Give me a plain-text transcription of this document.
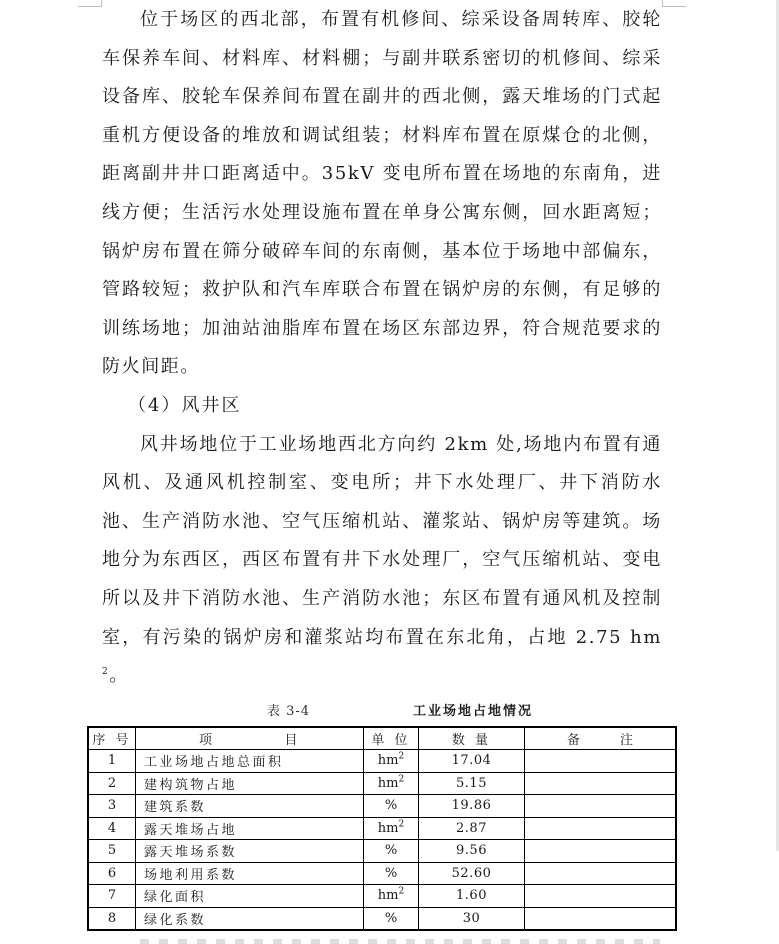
位于场区的西北部，布置有机修间、综采设备周转库、胶轮车保养车间、材料库、材料棚；与副井联系密切的机修间、综采设备库、胶轮车保养间布置在副井的西北侧，露天堆场的门式起重机方便设备的堆放和调试组装；材料库布置在原煤仓的北侧，距离副井井口距离适中。35kV 变电所布置在场地的东南角，进线方便；生活污水处理设施布置在单身公寓东侧，回水距离短；锅炉房布置在筛分破碎车间的东南侧，基本位于场地中部偏东，管路较短；救护队和汽车库联合布置在锅炉房的东侧，有足够的训练场地；加油站油脂库布置在场区东部边界，符合规范要求的防火间距。

（4）风井区

风井场地位于工业场地西北方向约 2km 处,场地内布置有通风机、及通风机控制室、变电所；井下水处理厂、井下消防水池、生产消防水池、空气压缩机站、灌浆站、锅炉房等建筑。场地分为东西区，西区布置有井下水处理厂，空气压缩机站、变电所以及井下消防水池、生产消防水池；东区布置有通风机及控制室，有污染的锅炉房和灌浆站均布置在东北角，占地 2.75 $hm^2$。

表 3-4	工业场地占地情况
序 号	项 目	单 位	数 量	备 注
1	工业场地占地总面积	$hm^2$	17.04	
2	建构筑物占地	$hm^2$	5.15	
3	建筑系数	%	19.86	
4	露天堆场占地	$hm^2$	2.87	
5	露天堆场系数	%	9.56	
6	场地利用系数	%	52.60	
7	绿化面积	$hm^2$	1.60	
8	绿化系数	%	30	
